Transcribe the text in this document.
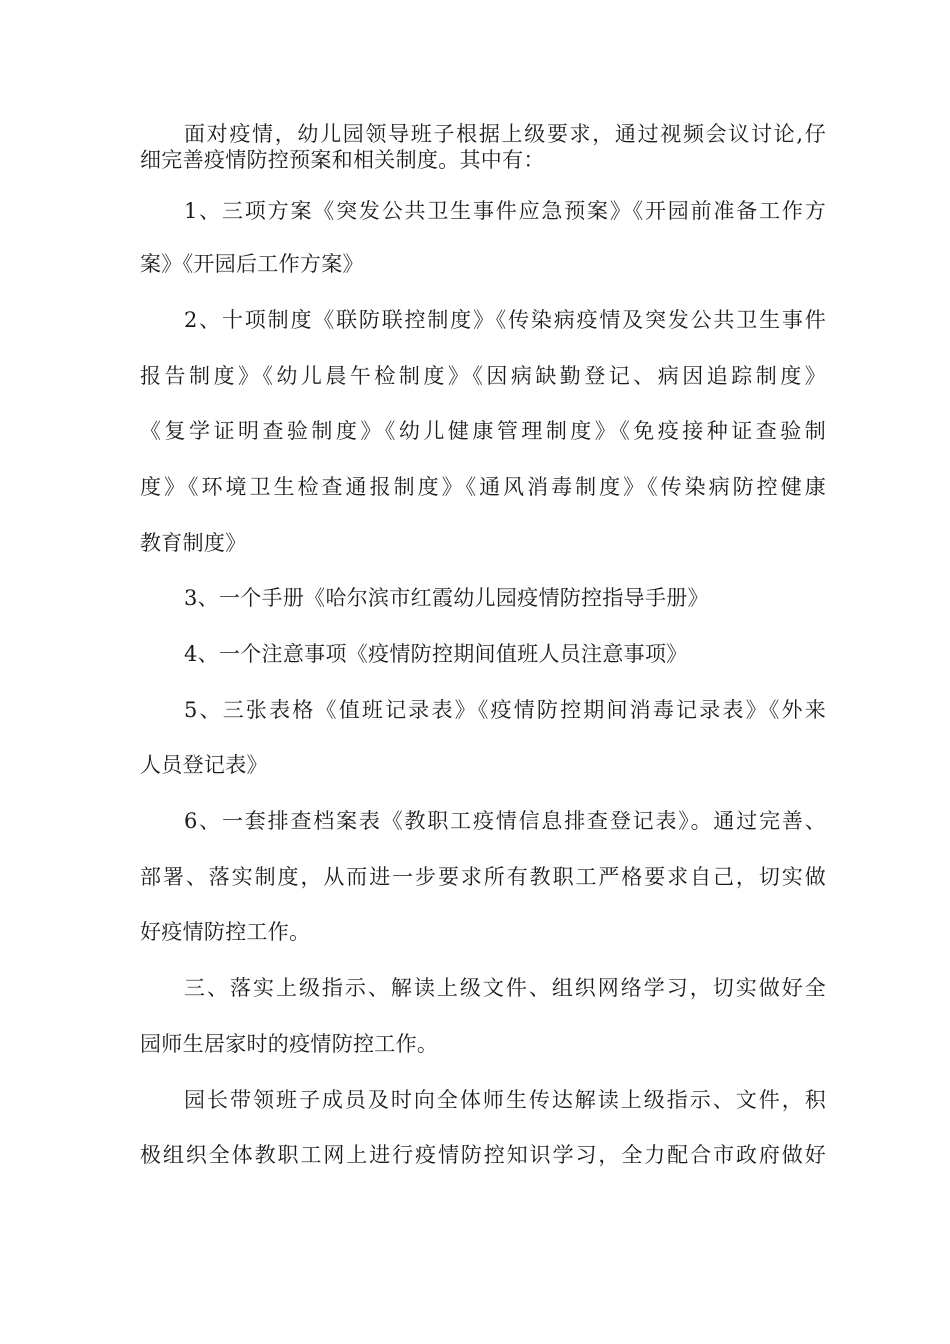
面对疫情，幼儿园领导班子根据上级要求，通过视频会议讨论,仔
细完善疫情防控预案和相关制度。其中有：
1、三项方案《突发公共卫生事件应急预案》《开园前准备工作方
案》《开园后工作方案》
2、十项制度《联防联控制度》《传染病疫情及突发公共卫生事件
报告制度》《幼儿晨午检制度》《因病缺勤登记、病因追踪制度》
《复学证明查验制度》《幼儿健康管理制度》《免疫接种证查验制
度》《环境卫生检查通报制度》《通风消毒制度》《传染病防控健康
教育制度》
3、一个手册《哈尔滨市红霞幼儿园疫情防控指导手册》
4、一个注意事项《疫情防控期间值班人员注意事项》
5、三张表格《值班记录表》《疫情防控期间消毒记录表》《外来
人员登记表》
6、一套排查档案表《教职工疫情信息排查登记表》。通过完善、
部署、落实制度，从而进一步要求所有教职工严格要求自己，切实做
好疫情防控工作。
三、落实上级指示、解读上级文件、组织网络学习，切实做好全
园师生居家时的疫情防控工作。
园长带领班子成员及时向全体师生传达解读上级指示、文件，积
极组织全体教职工网上进行疫情防控知识学习，全力配合市政府做好
